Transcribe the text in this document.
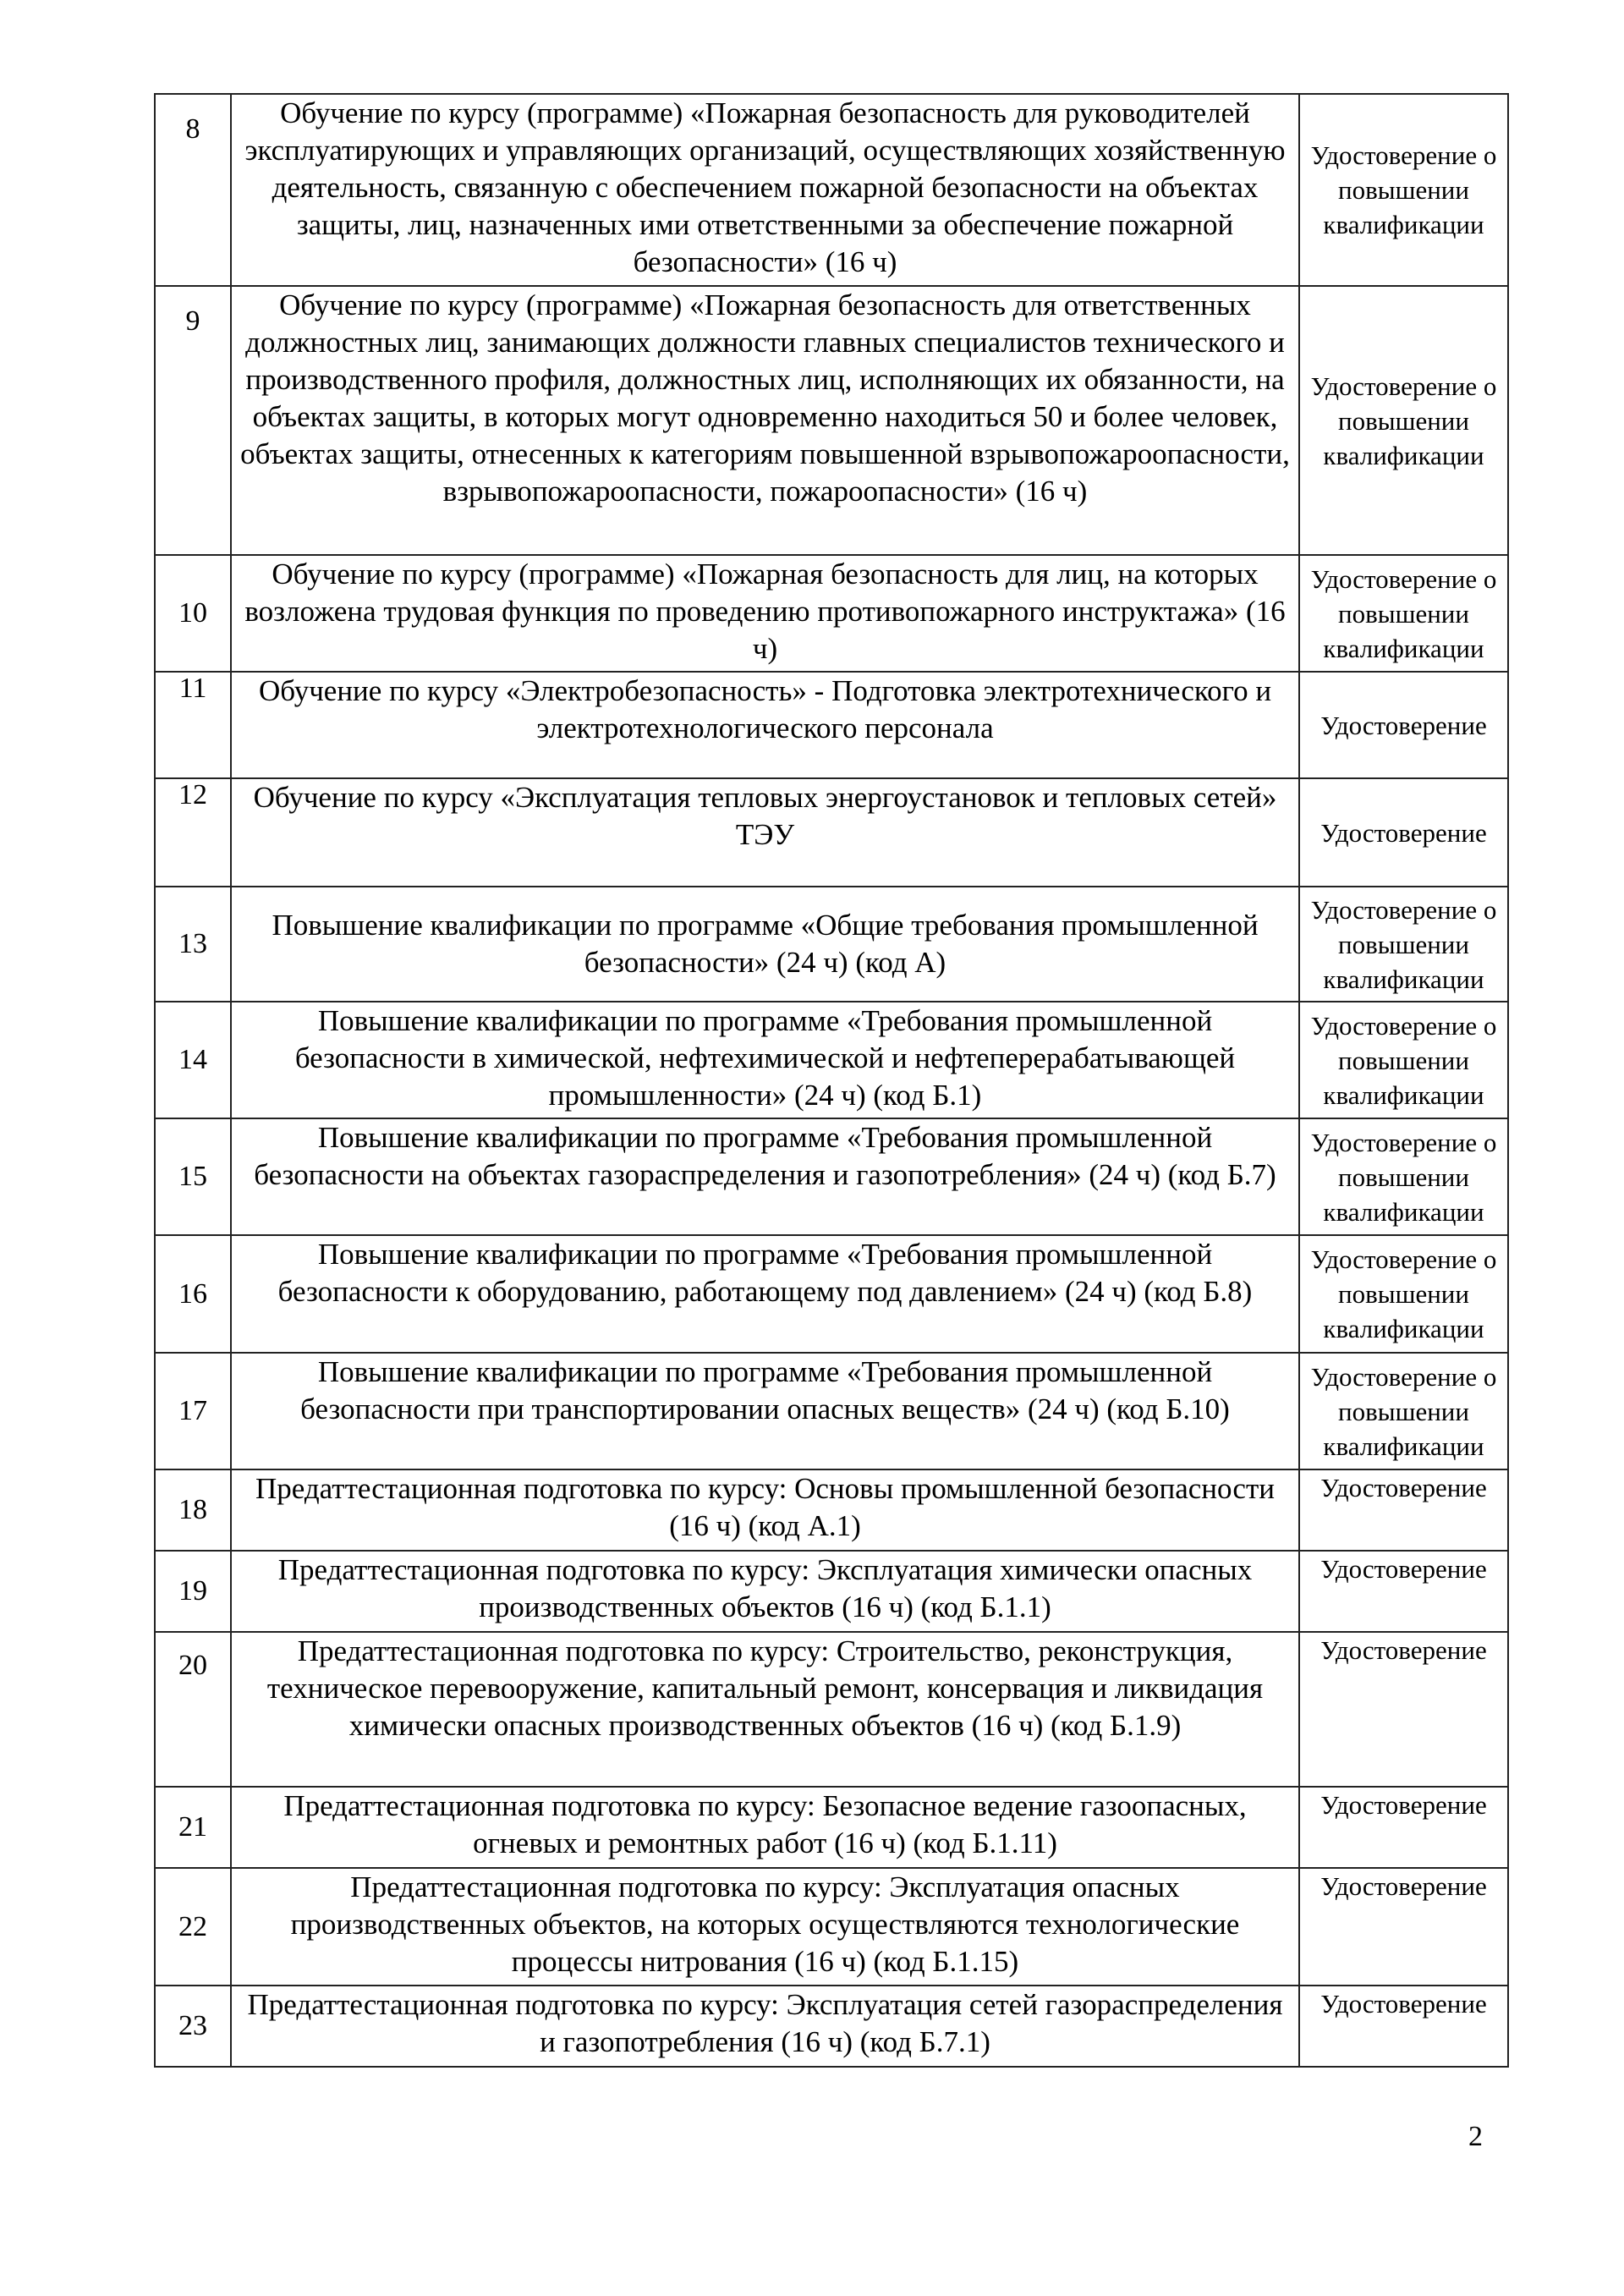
8	Обучение по курсу (программе) «Пожарная безопасность для руководителей эксплуатирующих и управляющих организаций, осуществляющих хозяйственную деятельность, связанную с обеспечением пожарной безопасности на объектах защиты, лиц, назначенных ими ответственными за обеспечение пожарной безопасности» (16 ч)	Удостоверение о повышении квалификации

9	Обучение по курсу (программе) «Пожарная безопасность для ответственных должностных лиц, занимающих должности главных специалистов технического и производственного профиля, должностных лиц, исполняющих их обязанности, на объектах защиты, в которых могут одновременно находиться 50 и более человек, объектах защиты, отнесенных к категориям повышенной взрывопожароопасности, взрывопожароопасности, пожароопасности» (16 ч)	Удостоверение о повышении квалификации
10	Обучение по курсу (программе) «Пожарная безопасность для лиц, на которых возложена трудовая функция по проведению противопожарного инструктажа» (16 ч)	Удостоверение о повышении квалификации
11	Обучение по курсу «Электробезопасность» - Подготовка электротехнического и электротехнологического персонала	Удостоверение
12	Обучение по курсу «Эксплуатация тепловых энергоустановок и тепловых сетей» ТЭУ	Удостоверение
13	Повышение квалификации по программе «Общие требования промышленной безопасности» (24 ч) (код А)	Удостоверение о повышении квалификации
14	Повышение квалификации по программе «Требования промышленной безопасности в химической, нефтехимической и нефтеперерабатывающей промышленности» (24 ч) (код Б.1)	Удостоверение о повышении квалификации
15	Повышение квалификации по программе «Требования промышленной безопасности на объектах газораспределения и газопотребления» (24 ч) (код Б.7)	Удостоверение о повышении квалификации
16	Повышение квалификации по программе «Требования промышленной безопасности к оборудованию, работающему под давлением» (24 ч) (код Б.8)	Удостоверение о повышении квалификации
17	Повышение квалификации по программе «Требования промышленной безопасности при транспортировании опасных веществ» (24 ч) (код Б.10)	Удостоверение о повышении квалификации
18	Предаттестационная подготовка по курсу: Основы промышленной безопасности (16 ч) (код А.1)	Удостоверение
19	Предаттестационная подготовка по курсу: Эксплуатация химически опасных производственных объектов (16 ч) (код Б.1.1)	Удостоверение

20	Предаттестационная подготовка по курсу: Строительство, реконструкция, техническое перевооружение, капитальный ремонт, консервация и ликвидация химически опасных производственных объектов (16 ч) (код Б.1.9)	Удостоверение
21	Предаттестационная подготовка по курсу: Безопасное ведение газоопасных, огневых и ремонтных работ (16 ч) (код Б.1.11)	Удостоверение
22	Предаттестационная подготовка по курсу: Эксплуатация опасных производственных объектов, на которых осуществляются технологические процессы нитрования (16 ч) (код Б.1.15)	Удостоверение
23	Предаттестационная подготовка по курсу: Эксплуатация сетей газораспределения и газопотребления (16 ч) (код Б.7.1)	Удостоверение
2
